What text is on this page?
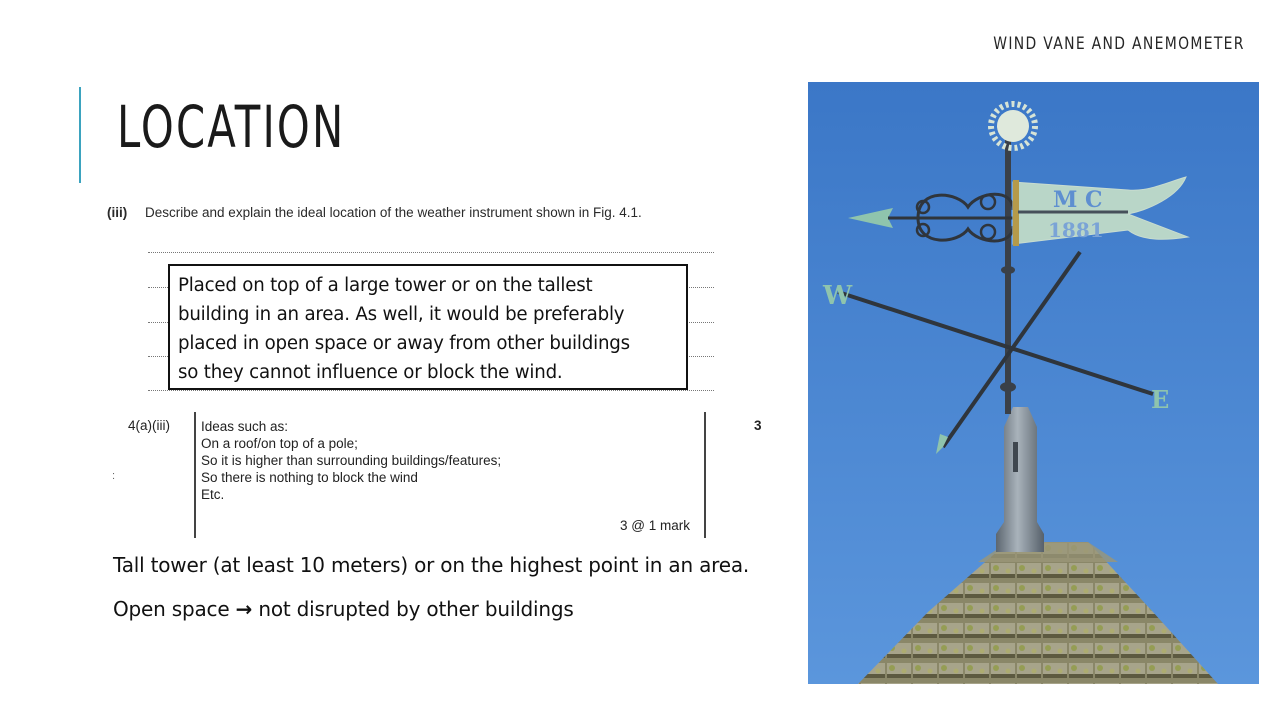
WIND VANE AND ANEMOMETER
LOCATION
(iii) Describe and explain the ideal location of the weather instrument shown in Fig. 4.1.
Placed on top of a large tower or on the tallest
building in an area. As well, it would be preferably
placed in open space or away from other buildings
so they cannot influence or block the wind.
:
4(a)(iii) Ideas such as:
On a roof/on top of a pole;
So it is higher than surrounding buildings/features;
So there is nothing to block the wind
Etc.
3 @ 1 mark
3

Tall tower (at least 10 meters) or on the highest point in an area.

Open space → not disrupted by other buildings

W
E
M C
1881
